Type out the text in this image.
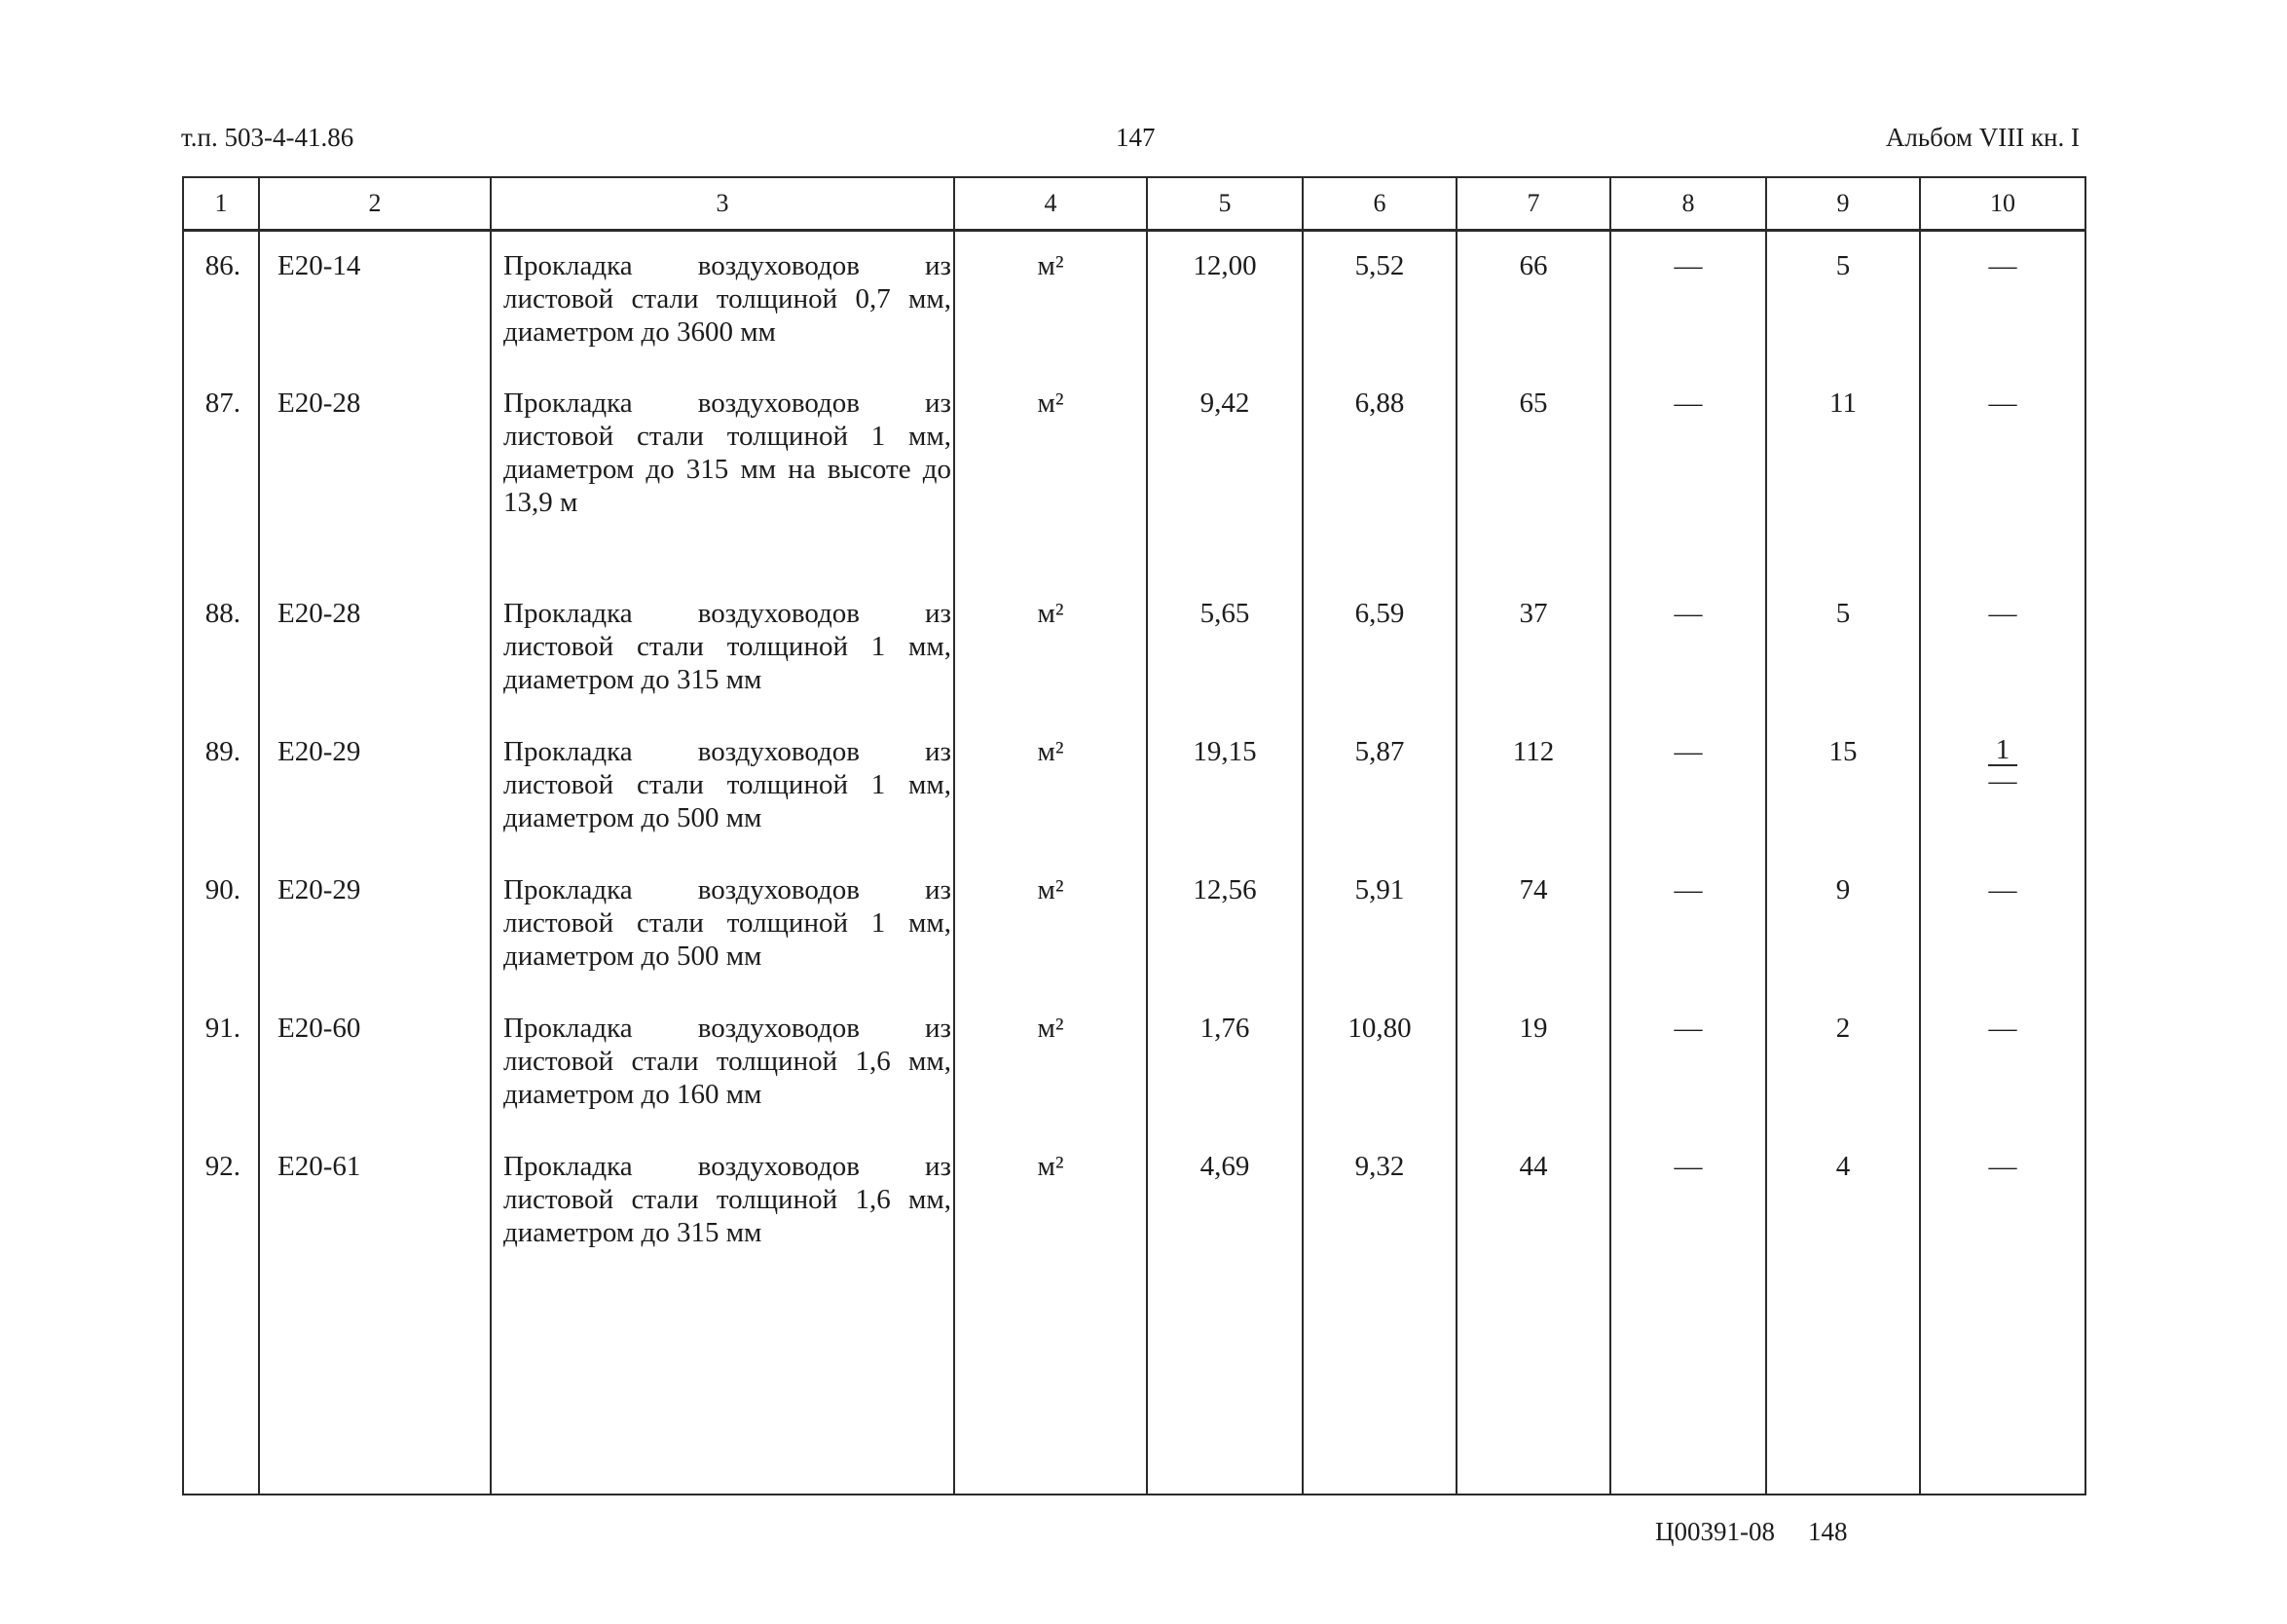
т.п. 503-4-41.86	147	Альбом VIII кн. I
1	2	3	4	5	6	7	8	9	10
86.	Е20-14	Прокладка воздуховодов из листовой стали толщиной 0,7 мм, диаметром до 3600 мм	м²	12,00	5,52	66	—	5	—
87.	Е20-28	Прокладка воздуховодов из листовой стали толщиной 1 мм, диаметром до 315 мм на высоте до 13,9 м	м²	9,42	6,88	65	—	11	—
88.	Е20-28	Прокладка воздуховодов из листовой стали толщиной 1 мм, диаметром до 315 мм	м²	5,65	6,59	37	—	5	—
89.	Е20-29	Прокладка воздуховодов из листовой стали толщиной 1 мм, диаметром до 500 мм	м²	19,15	5,87	112	—	15	$\frac{1}{—}$

90.	Е20-29	Прокладка воздуховодов из листовой стали толщиной 1 мм, диаметром до 500 мм	м²	12,56	5,91	74	—	9	—
91.	Е20-60	Прокладка воздуховодов из листовой стали толщиной 1,6 мм, диаметром до 160 мм	м²	1,76	10,80	19	—	2	—
92.	Е20-61	Прокладка воздуховодов из листовой стали толщиной 1,6 мм, диаметром до 315 мм	м²	4,69	9,32	44	—	4	—
Ц00391-08 148
